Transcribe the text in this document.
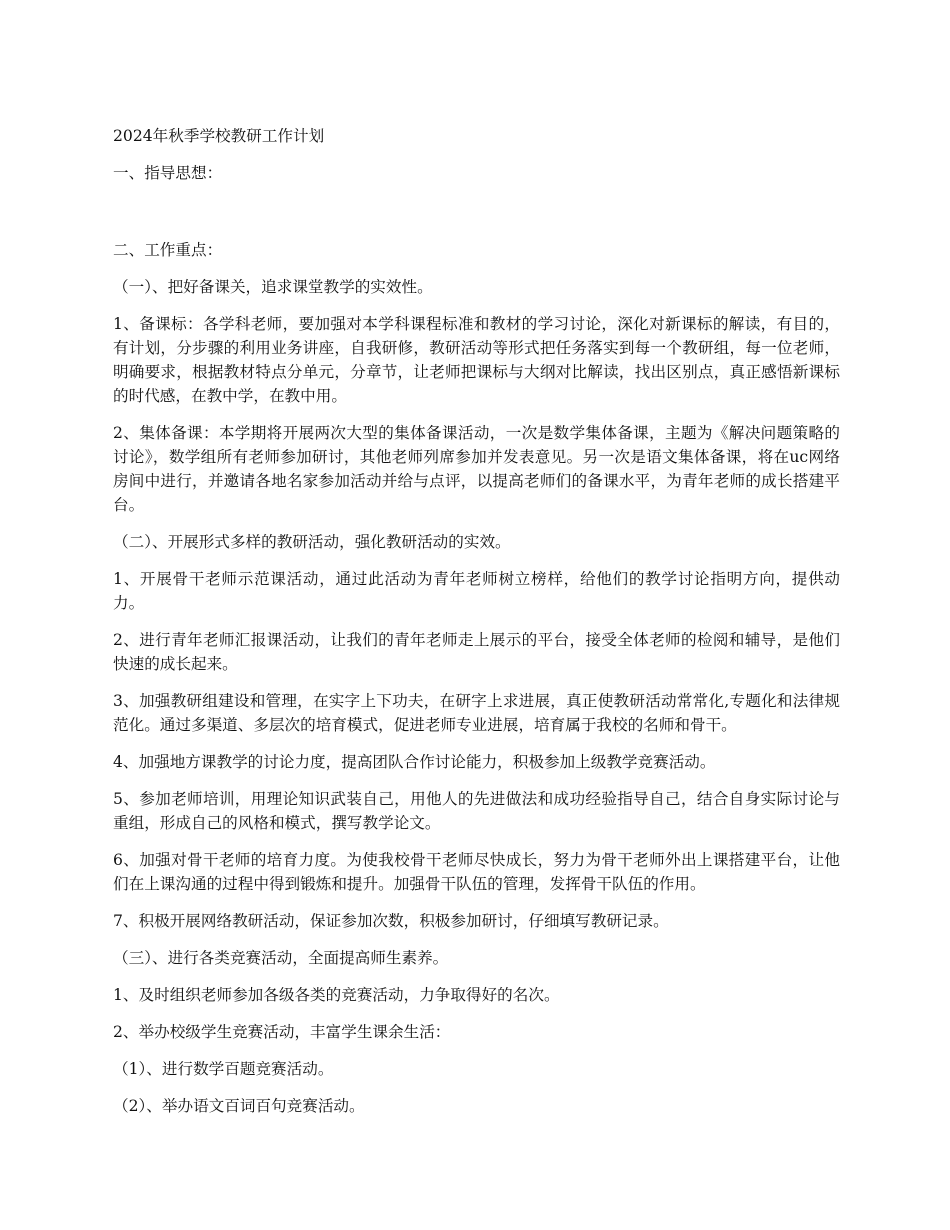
2024年秋季学校教研工作计划

一、指导思想：

二、工作重点：

（一）、把好备课关，追求课堂教学的实效性。

1、备课标：各学科老师，要加强对本学科课程标准和教材的学习讨论，深化对新课标的解读，有目的，有计划，分步骤的利用业务讲座，自我研修，教研活动等形式把任务落实到每一个教研组，每一位老师，明确要求，根据教材特点分单元，分章节，让老师把课标与大纲对比解读，找出区别点，真正感悟新课标的时代感，在教中学，在教中用。

2、集体备课：本学期将开展两次大型的集体备课活动，一次是数学集体备课，主题为《解决问题策略的讨论》，数学组所有老师参加研讨，其他老师列席参加并发表意见。另一次是语文集体备课，将在uc网络房间中进行，并邀请各地名家参加活动并给与点评，以提高老师们的备课水平，为青年老师的成长搭建平台。

（二）、开展形式多样的教研活动，强化教研活动的实效。

1、开展骨干老师示范课活动，通过此活动为青年老师树立榜样，给他们的教学讨论指明方向，提供动力。

2、进行青年老师汇报课活动，让我们的青年老师走上展示的平台，接受全体老师的检阅和辅导，是他们快速的成长起来。

3、加强教研组建设和管理，在实字上下功夫，在研字上求进展，真正使教研活动常常化,专题化和法律规范化。通过多渠道、多层次的培育模式，促进老师专业进展，培育属于我校的名师和骨干。

4、加强地方课教学的讨论力度，提高团队合作讨论能力，积极参加上级教学竞赛活动。

5、参加老师培训，用理论知识武装自己，用他人的先进做法和成功经验指导自己，结合自身实际讨论与重组，形成自己的风格和模式，撰写教学论文。

6、加强对骨干老师的培育力度。为使我校骨干老师尽快成长，努力为骨干老师外出上课搭建平台，让他们在上课沟通的过程中得到锻炼和提升。加强骨干队伍的管理，发挥骨干队伍的作用。

7、积极开展网络教研活动，保证参加次数，积极参加研讨，仔细填写教研记录。

（三）、进行各类竞赛活动，全面提高师生素养。

1、及时组织老师参加各级各类的竞赛活动，力争取得好的名次。

2、举办校级学生竞赛活动，丰富学生课余生活：

（1）、进行数学百题竞赛活动。

（2）、举办语文百词百句竞赛活动。
